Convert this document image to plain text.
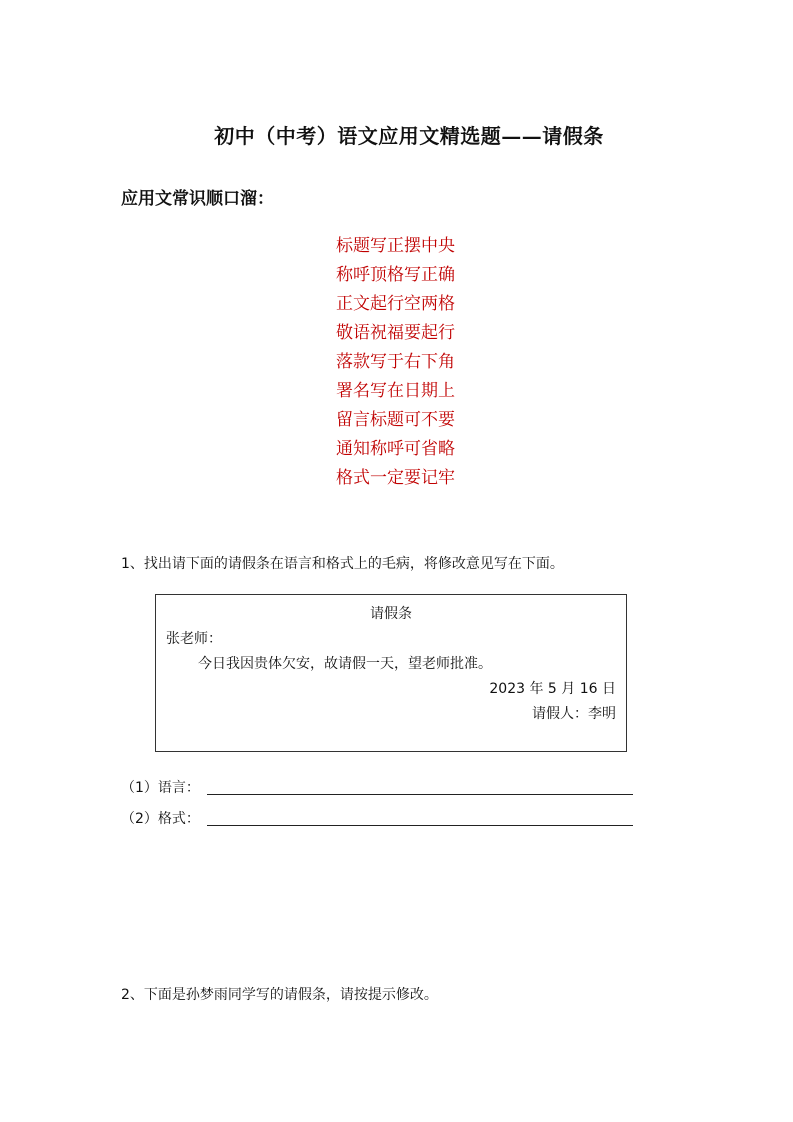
初中（中考）语文应用文精选题——请假条
应用文常识顺口溜：
标题写正摆中央
称呼顶格写正确
正文起行空两格
敬语祝福要起行
落款写于右下角
署名写在日期上
留言标题可不要
通知称呼可省略
格式一定要记牢
1、找出请下面的请假条在语言和格式上的毛病，将修改意见写在下面。
请假条
张老师：
今日我因贵体欠安，故请假一天，望老师批准。
2023 年 5 月 16 日
请假人：李明
（1）语言：
（2）格式：
2、下面是孙梦雨同学写的请假条，请按提示修改。
